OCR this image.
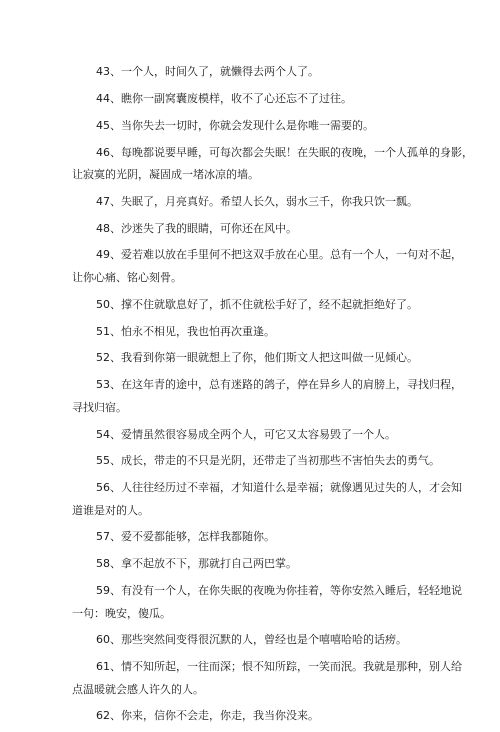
43、一个人，时间久了，就懒得去两个人了。
44、瞧你一副窝囊废模样，收不了心还忘不了过往。
45、当你失去一切时，你就会发现什么是你唯一需要的。
46、每晚都说要早睡，可每次都会失眠！在失眠的夜晚，一个人孤单的身影，
让寂寞的光阴，凝固成一堵冰凉的墙。
47、失眠了，月亮真好。希望人长久，弱水三千，你我只饮一瓢。
48、沙迷失了我的眼睛，可你还在风中。
49、爱若难以放在手里何不把这双手放在心里。总有一个人，一句对不起，
让你心痛、铭心刻骨。
50、撑不住就歇息好了，抓不住就松手好了，经不起就拒绝好了。
51、怕永不相见，我也怕再次重逢。
52、我看到你第一眼就想上了你，他们斯文人把这叫做一见倾心。
53、在这年青的途中，总有迷路的鸽子，停在异乡人的肩膀上，寻找归程，
寻找归宿。
54、爱情虽然很容易成全两个人，可它又太容易毁了一个人。
55、成长，带走的不只是光阴，还带走了当初那些不害怕失去的勇气。
56、人往往经历过不幸福，才知道什么是幸福；就像遇见过失的人，才会知
道谁是对的人。
57、爱不爱都能够，怎样我都随你。
58、拿不起放不下，那就打自己两巴掌。
59、有没有一个人，在你失眠的夜晚为你挂着，等你安然入睡后，轻轻地说
一句：晚安，傻瓜。
60、那些突然间变得很沉默的人，曾经也是个嘻嘻哈哈的话痨。
61、情不知所起，一往而深；恨不知所踪，一笑而泯。我就是那种，别人给
点温暖就会感人许久的人。
62、你来，信你不会走，你走，我当你没来。
